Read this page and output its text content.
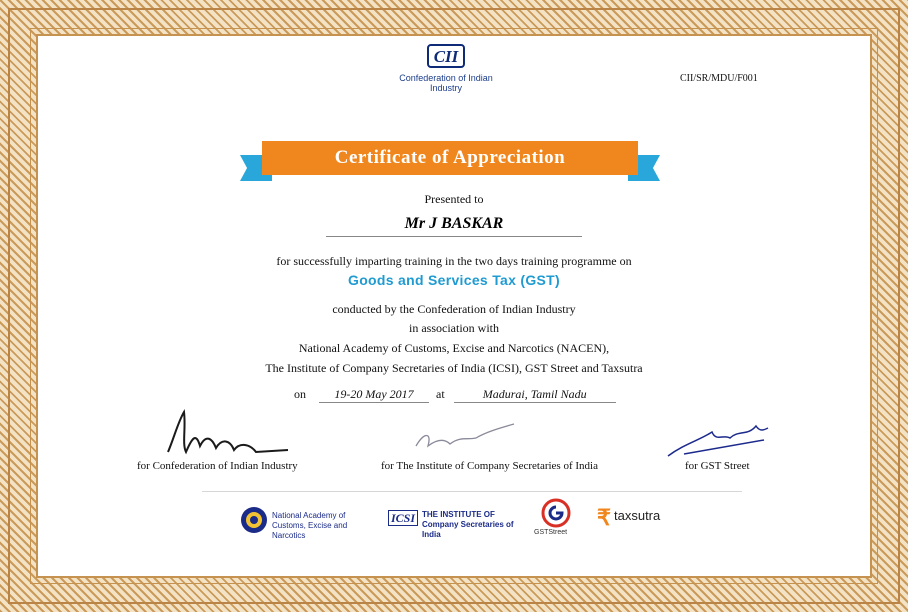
CII
Confederation of Indian Industry
CII/SR/MDU/F001
Certificate of Appreciation
Presented to
Mr J BASKAR
for successfully imparting training in the two days training programme on
Goods and Services Tax (GST)
conducted by the Confederation of Indian Industry
in association with
National Academy of Customs, Excise and Narcotics (NACEN),
The Institute of Company Secretaries of India (ICSI), GST Street and Taxsutra
on 19-20 May 2017 at	Madurai, Tamil Nadu
for Confederation of Indian Industry	for The Institute of Company Secretaries of India	for GST Street
National Academy of Customs, Excise and Narcotics
ICSI THE INSTITUTE OF Company Secretaries of India	GSTStreet
₹ taxsutra
